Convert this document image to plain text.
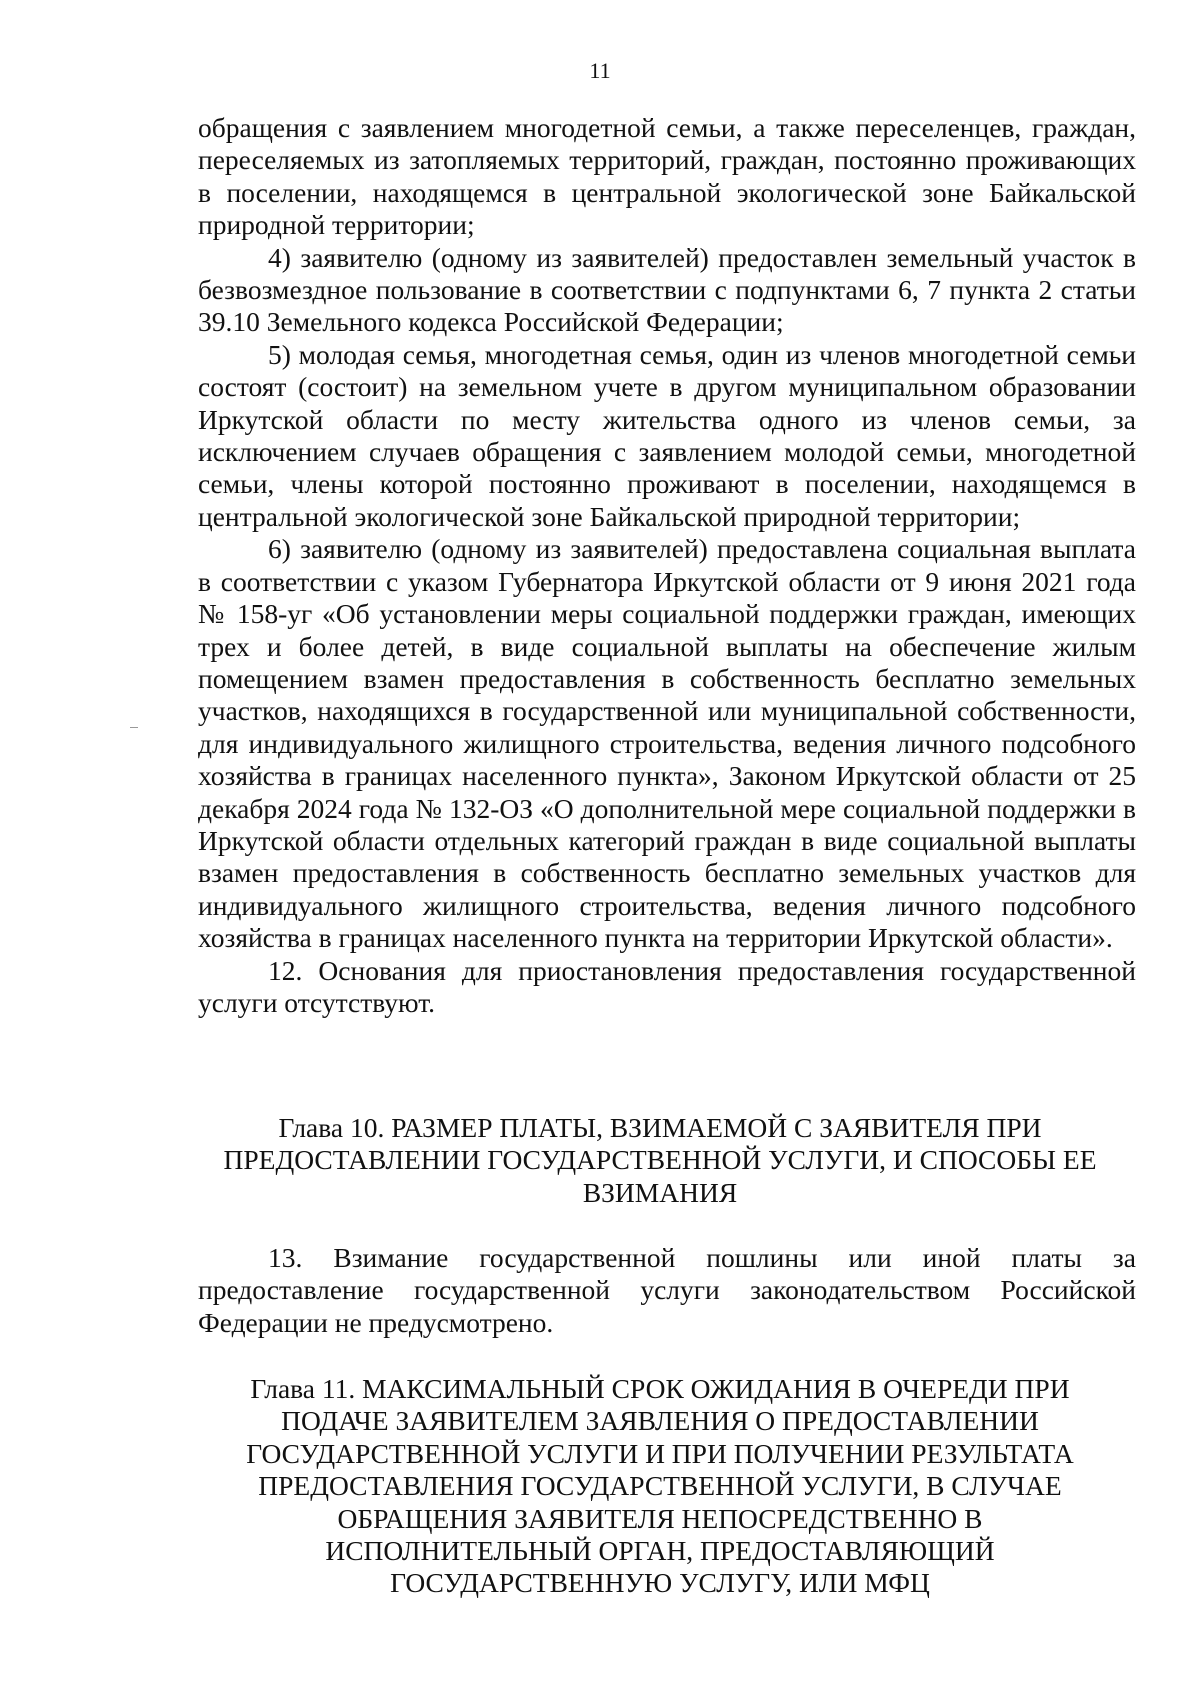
11

обращения с заявлением многодетной семьи, а также переселенцев, граждан, переселяемых из затопляемых территорий, граждан, постоянно проживающих в поселении, находящемся в центральной экологической зоне Байкальской природной территории;

4) заявителю (одному из заявителей) предоставлен земельный участок в безвозмездное пользование в соответствии с подпунктами 6, 7 пункта 2 статьи 39.10 Земельного кодекса Российской Федерации;

5) молодая семья, многодетная семья, один из членов многодетной семьи состоят (состоит) на земельном учете в другом муниципальном образовании Иркутской области по месту жительства одного из членов семьи, за исключением случаев обращения с заявлением молодой семьи, многодетной семьи, члены которой постоянно проживают в поселении, находящемся в центральной экологической зоне Байкальской природной территории;

6) заявителю (одному из заявителей) предоставлена социальная выплата в соответствии с указом Губернатора Иркутской области от 9 июня 2021 года № 158-уг «Об установлении меры социальной поддержки граждан, имеющих трех и более детей, в виде социальной выплаты на обеспечение жилым помещением взамен предоставления в собственность бесплатно земельных участков, находящихся в государственной или муниципальной собственности, для индивидуального жилищного строительства, ведения личного подсобного хозяйства в границах населенного пункта», Законом Иркутской области от 25 декабря 2024 года № 132-ОЗ «О дополнительной мере социальной поддержки в Иркутской области отдельных категорий граждан в виде социальной выплаты взамен предоставления в собственность бесплатно земельных участков для индивидуального жилищного строительства, ведения личного подсобного хозяйства в границах населенного пункта на территории Иркутской области».

12. Основания для приостановления предоставления государственной услуги отсутствуют.

Глава 10. РАЗМЕР ПЛАТЫ, ВЗИМАЕМОЙ С ЗАЯВИТЕЛЯ ПРИ
ПРЕДОСТАВЛЕНИИ ГОСУДАРСТВЕННОЙ УСЛУГИ, И СПОСОБЫ ЕЕ
ВЗИМАНИЯ

13. Взимание государственной пошлины или иной платы за предоставление государственной услуги законодательством Российской Федерации не предусмотрено.

Глава 11. МАКСИМАЛЬНЫЙ СРОК ОЖИДАНИЯ В ОЧЕРЕДИ ПРИ
ПОДАЧЕ ЗАЯВИТЕЛЕМ ЗАЯВЛЕНИЯ О ПРЕДОСТАВЛЕНИИ
ГОСУДАРСТВЕННОЙ УСЛУГИ И ПРИ ПОЛУЧЕНИИ РЕЗУЛЬТАТА
ПРЕДОСТАВЛЕНИЯ ГОСУДАРСТВЕННОЙ УСЛУГИ, В СЛУЧАЕ
ОБРАЩЕНИЯ ЗАЯВИТЕЛЯ НЕПОСРЕДСТВЕННО В
ИСПОЛНИТЕЛЬНЫЙ ОРГАН, ПРЕДОСТАВЛЯЮЩИЙ
ГОСУДАРСТВЕННУЮ УСЛУГУ, ИЛИ МФЦ
